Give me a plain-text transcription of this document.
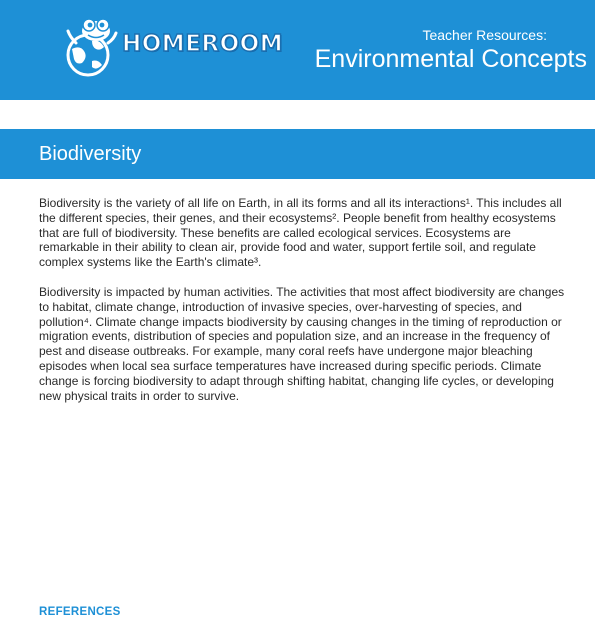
HOMEROOM	Teacher Resources:
Environmental Concepts
Biodiversity

Biodiversity is the variety of all life on Earth, in all its forms and all its interactions¹. This includes all the different species, their genes, and their ecosystems². People benefit from healthy ecosystems that are full of biodiversity. These benefits are called ecological services. Ecosystems are remarkable in their ability to clean air, provide food and water, support fertile soil, and regulate complex systems like the Earth's climate³.

Biodiversity is impacted by human activities. The activities that most affect biodiversity are changes to habitat, climate change, introduction of invasive species, over-harvesting of species, and pollution⁴. Climate change impacts biodiversity by causing changes in the timing of reproduction or migration events, distribution of species and population size, and an increase in the frequency of pest and disease outbreaks. For example, many coral reefs have undergone major bleaching episodes when local sea surface temperatures have increased during specific periods. Climate change is forcing biodiversity to adapt through shifting habitat, changing life cycles, or developing new physical traits in order to survive.

REFERENCES
